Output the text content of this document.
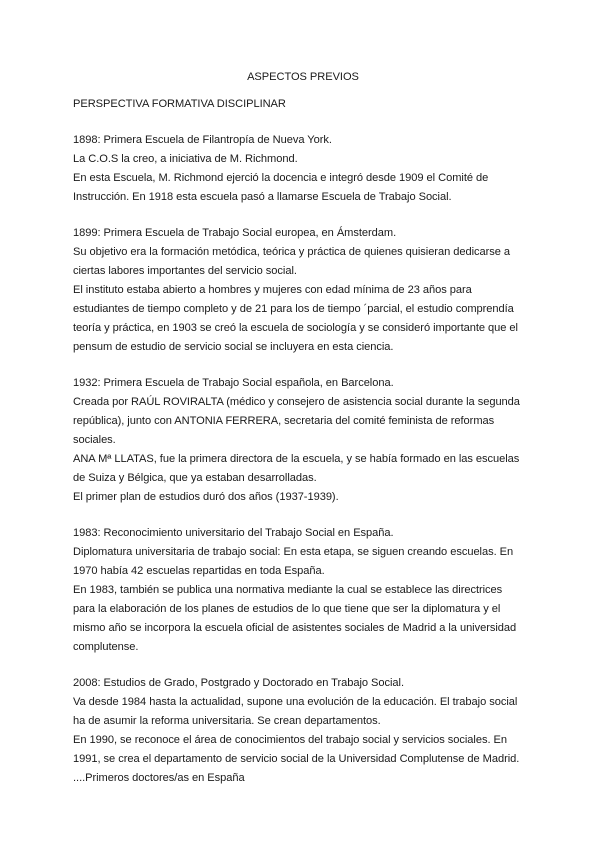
ASPECTOS PREVIOS
PERSPECTIVA FORMATIVA DISCIPLINAR
1898: Primera Escuela de Filantropía de Nueva York.
La C.O.S la creo, a iniciativa de M. Richmond.
En esta Escuela, M. Richmond ejerció la docencia e integró desde 1909 el Comité de
Instrucción. En 1918 esta escuela pasó a llamarse Escuela de Trabajo Social.
1899: Primera Escuela de Trabajo Social europea, en Ámsterdam.
Su objetivo era la formación metódica, teórica y práctica de quienes quisieran dedicarse a
ciertas labores importantes del servicio social.
El instituto estaba abierto a hombres y mujeres con edad mínima de 23 años para
estudiantes de tiempo completo y de 21 para los de tiempo ´parcial, el estudio comprendía
teoría y práctica, en 1903 se creó la escuela de sociología y se consideró importante que el
pensum de estudio de servicio social se incluyera en esta ciencia.
1932: Primera Escuela de Trabajo Social española, en Barcelona.
Creada por RAÚL ROVIRALTA (médico y consejero de asistencia social durante la segunda
república), junto con ANTONIA FERRERA, secretaria del comité feminista de reformas
sociales.
ANA Mª LLATAS, fue la primera directora de la escuela, y se había formado en las escuelas
de Suiza y Bélgica, que ya estaban desarrolladas.
El primer plan de estudios duró dos años (1937-1939).
1983: Reconocimiento universitario del Trabajo Social en España.
Diplomatura universitaria de trabajo social: En esta etapa, se siguen creando escuelas. En
1970 había 42 escuelas repartidas en toda España.
En 1983, también se publica una normativa mediante la cual se establece las directrices
para la elaboración de los planes de estudios de lo que tiene que ser la diplomatura y el
mismo año se incorpora la escuela oficial de asistentes sociales de Madrid a la universidad
complutense.
2008: Estudios de Grado, Postgrado y Doctorado en Trabajo Social.
Va desde 1984 hasta la actualidad, supone una evolución de la educación. El trabajo social
ha de asumir la reforma universitaria. Se crean departamentos.
En 1990, se reconoce el área de conocimientos del trabajo social y servicios sociales. En
1991, se crea el departamento de servicio social de la Universidad Complutense de Madrid.
....Primeros doctores/as en España
